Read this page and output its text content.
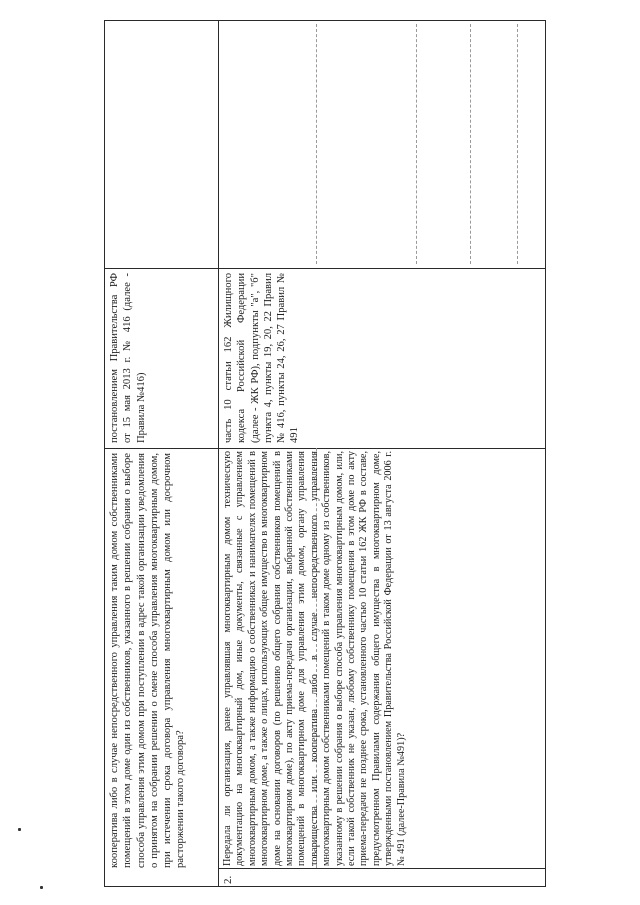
кооператива либо в случае непосредственного управления таким домом собственниками помещений в этом доме один из собственников, указанного в решении собрания о выборе способа управления этим домом при поступлении в адрес такой организации уведомления о принятом на собрании решении о смене способа управления многоквартирным домом, при истечении срока договора управления многоквартирным домом или досрочном расторжении такого договора?

постановлением Правительства РФ от 15 мая 2013 г. № 416 (далее - Правила №416)

2.

Передала ли организация, ранее управлявшая многоквартирным домом техническую документацию на многоквартирный дом, иные документы, связанные с управлением многоквартирным домом, а также информацию о собственниках и нанимателях помещений в многоквартирном доме, а также о лицах, использующих общее имущество в многоквартирном доме на основании договоров (по решению общего собрания собственников помещений в многоквартирном доме), по акту приема-передачи организации, выбранной собственниками помещений в многоквартирном доме для управления этим домом, органу управления товарищества или кооператива либо в случае непосредственного управления многоквартирным домом собственниками помещений в таком доме одному из собственников, указанному в решении собрания о выборе способа управления многоквартирным домом, или, если такой собственник не указан, любому собственнику помещения в этом доме по акту приема-передачи не позднее срока, установленного частью 10 статьи 162 ЖК РФ в составе, предусмотренном Правилами содержания общего имущества в многоквартирном доме, утвержденными постановлением Правительства Российской Федерации от 13 августа 2006 г. № 491 (далее-Правила №491)?

часть 10 статьи 162 Жилищного кодекса Российской Федерации (далее - ЖК РФ), подпункты "а", "б" пункта 4, пункты 19, 20, 22 Правил № 416, пункты 24, 26, 27 Правил № 491
